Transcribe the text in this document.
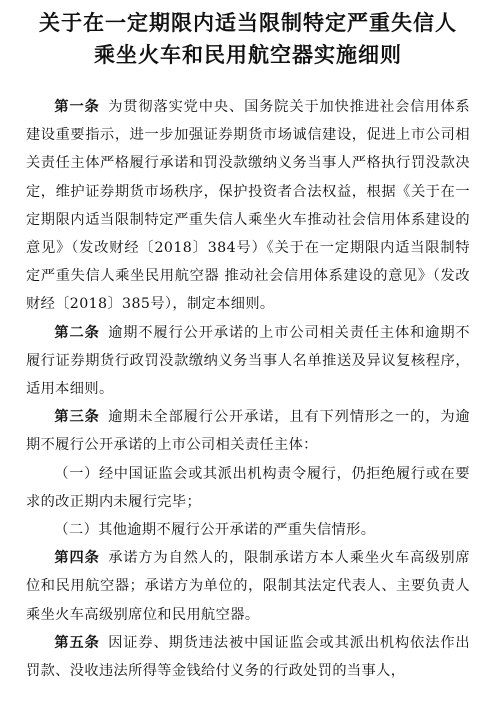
关于在一定期限内适当限制特定严重失信人
乘坐火车和民用航空器实施细则

第一条 为贯彻落实党中央、国务院关于加快推进社会信用体系建设重要指示，进一步加强证券期货市场诚信建设，促进上市公司相关责任主体严格履行承诺和罚没款缴纳义务当事人严格执行罚没款决定，维护证券期货市场秩序，保护投资者合法权益，根据《关于在一定期限内适当限制特定严重失信人乘坐火车推动社会信用体系建设的意见》（发改财经〔2018〕384号）《关于在一定期限内适当限制特定严重失信人乘坐民用航空器 推动社会信用体系建设的意见》（发改财经〔2018〕385号），制定本细则。

第二条 逾期不履行公开承诺的上市公司相关责任主体和逾期不履行证券期货行政罚没款缴纳义务当事人名单推送及异议复核程序，适用本细则。

第三条 逾期未全部履行公开承诺，且有下列情形之一的，为逾期不履行公开承诺的上市公司相关责任主体：

（一）经中国证监会或其派出机构责令履行，仍拒绝履行或在要求的改正期内未履行完毕；

（二）其他逾期不履行公开承诺的严重失信情形。

第四条 承诺方为自然人的，限制承诺方本人乘坐火车高级别席位和民用航空器；承诺方为单位的，限制其法定代表人、主要负责人乘坐火车高级别席位和民用航空器。

第五条 因证券、期货违法被中国证监会或其派出机构依法作出罚款、没收违法所得等金钱给付义务的行政处罚的当事人，
